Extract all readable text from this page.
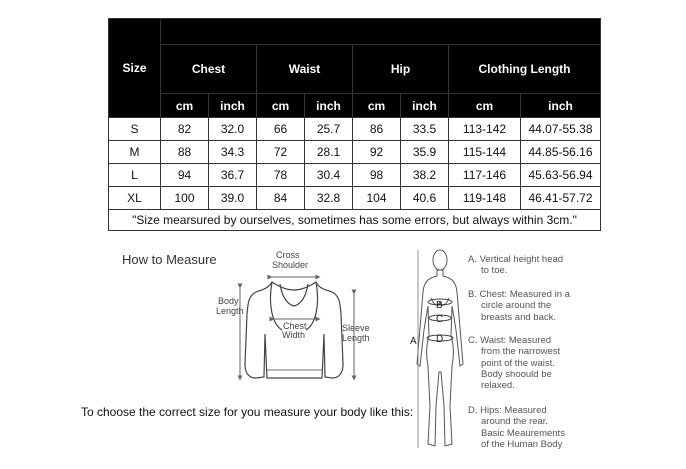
Size								
	Chest		Waist		Hip		Clothing Length	
	cm	inch	cm	inch	cm	inch	cm	inch
S	82	32.0	66	25.7	86	33.5	113-142	44.07-55.38
M	88	34.3	72	28.1	92	35.9	115-144	44.85-56.16
L	94	36.7	78	30.4	98	38.2	117-146	45.63-56.94
XL	100	39.0	84	32.8	104	40.6	119-148	46.41-57.72
"Size mearsured by ourselves, sometimes has some errors, but always within 3cm."								
How to Measure	Cross
Shoulder
Body
Length
Chest
Width
Sleeve
Length
To choose the correct size for you measure your body like this:
A
B
C
D
A. Vertical height head
to toe.
B. Chest: Measured in a
circle around the
breasts and back.
C. Waist: Measured
from the narrowest
point of the waist.
Body shoould be
relaxed.
D. Hips: Measured
around the rear.
Basic Meaurements
of the Human Body
